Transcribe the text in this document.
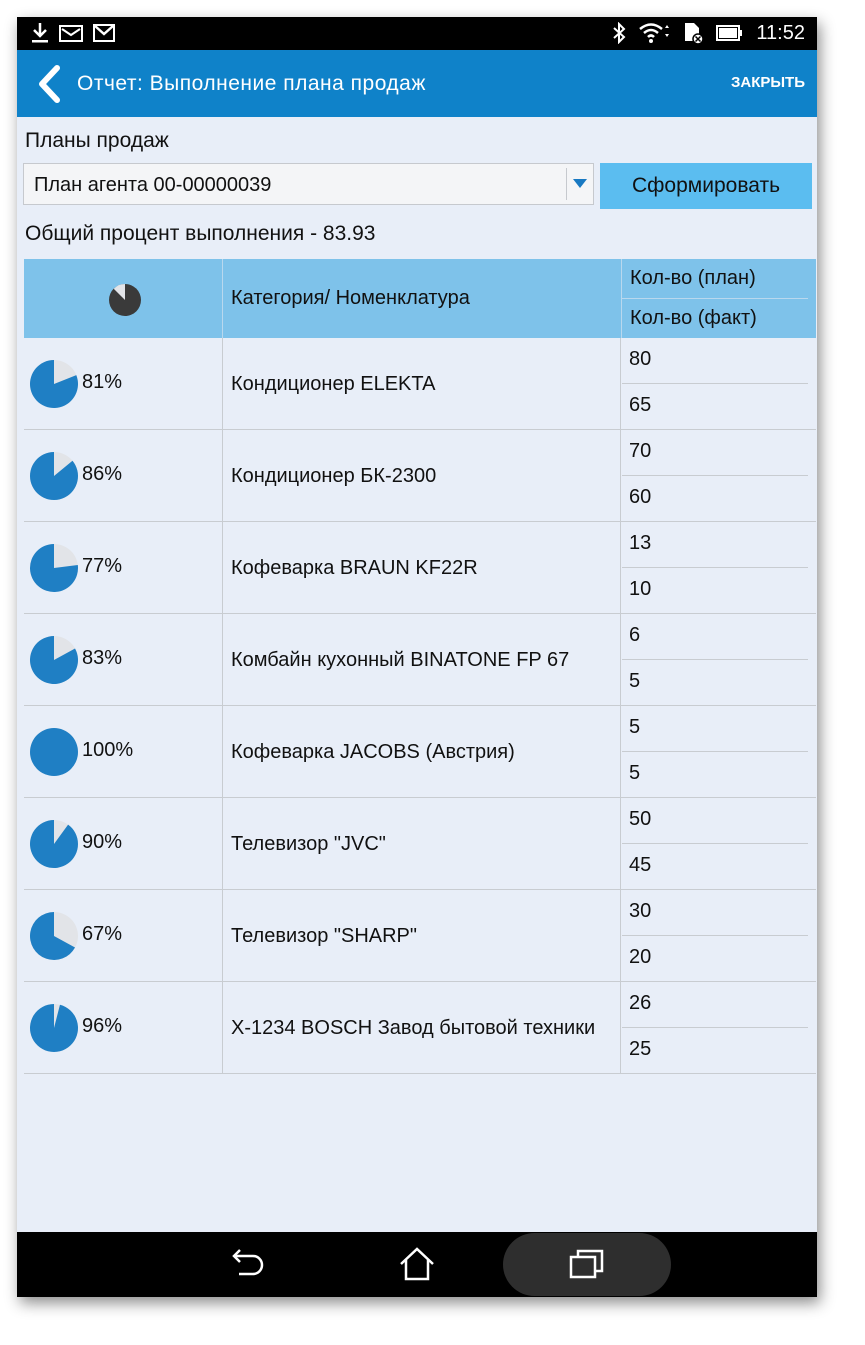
11:52
Отчет: Выполнение плана продаж	ЗАКРЫТЬ
Планы продаж
План агента 00-00000039	Сформировать
Общий процент выполнения - 83.93
Категория/ Номенклатура
Кол-во (план)
Кол-во (факт)
81%	Кондиционер ELEKTA
80
65
86%	Кондиционер БК-2300
70
60
77%	Кофеварка BRAUN KF22R
13
10
83%	Комбайн кухонный BINATONE FP 67
6
5
100%	Кофеварка JACOBS (Австрия)
5
5
90%	Телевизор "JVC"
50
45
67%	Телевизор "SHARP"
30
20
96%	X-1234 BOSCH Завод бытовой техники
26
25
